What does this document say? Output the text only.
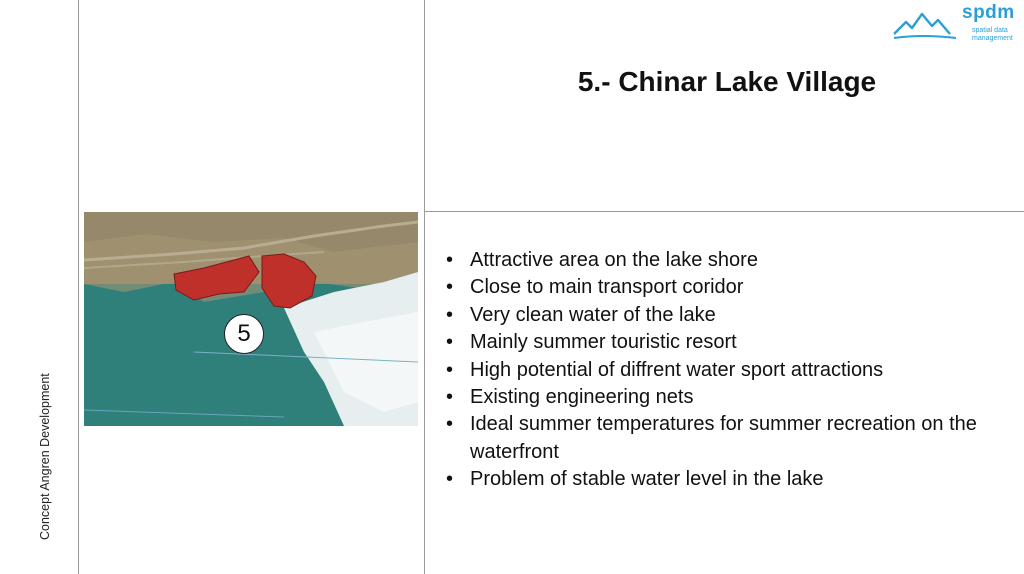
Concept Angren Development
spdm
spatial data
management
5.- Chinar Lake Village
5
• Attractive area on the lake shore
• Close to main transport coridor
• Very clean water of the lake
• Mainly summer touristic resort
• High potential of diffrent water sport attractions
• Existing engineering nets
• Ideal summer temperatures for summer recreation on the waterfront
• Problem of stable water level in the lake
